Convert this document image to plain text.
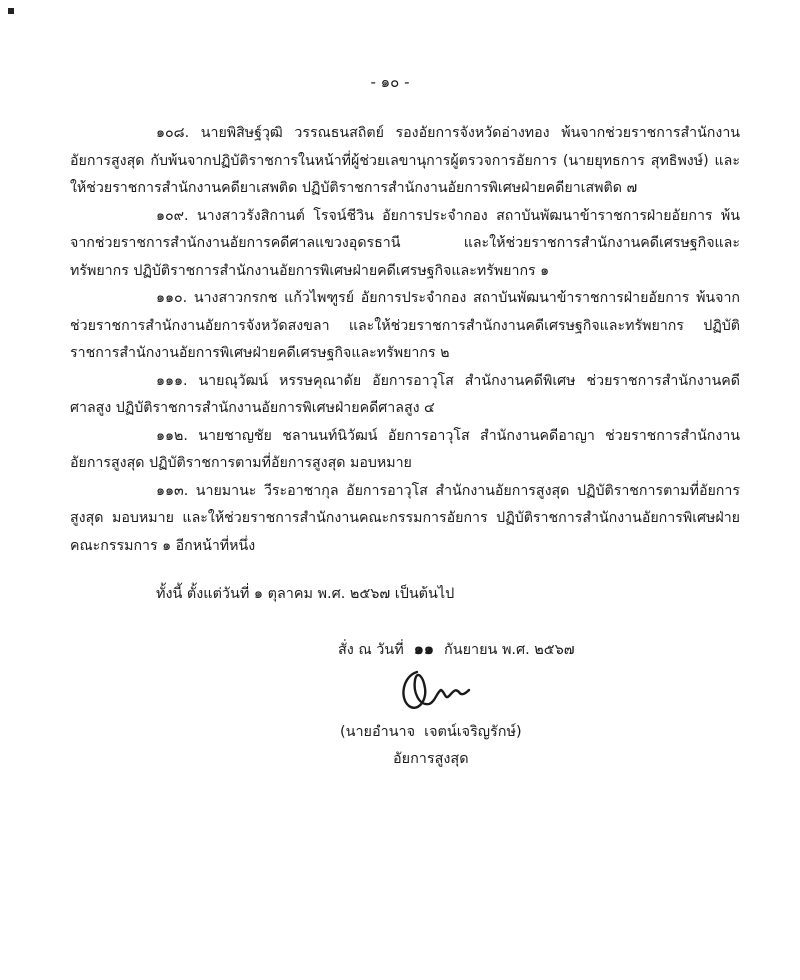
- ๑๐ -

๑๐๘. นายพิสิษฐ์วุฒิ วรรณธนสถิตย์ รองอัยการจังหวัดอ่างทอง พ้นจากช่วยราชการสำนักงานอัยการสูงสุด กับพ้นจากปฏิบัติราชการในหน้าที่ผู้ช่วยเลขานุการผู้ตรวจการอัยการ (นายยุทธการ สุทธิพงษ์) และให้ช่วยราชการสำนักงานคดียาเสพติด ปฏิบัติราชการสำนักงานอัยการพิเศษฝ่ายคดียาเสพติด ๗

๑๐๙. นางสาวรังสิกานต์ โรจน์ชีวิน อัยการประจำกอง สถาบันพัฒนาข้าราชการฝ่ายอัยการ พ้นจากช่วยราชการสำนักงานอัยการคดีศาลแขวงอุดรธานี และให้ช่วยราชการสำนักงานคดีเศรษฐกิจและทรัพยากร ปฏิบัติราชการสำนักงานอัยการพิเศษฝ่ายคดีเศรษฐกิจและทรัพยากร ๑

๑๑๐. นางสาวกรกช แก้วไพฑูรย์ อัยการประจำกอง สถาบันพัฒนาข้าราชการฝ่ายอัยการ พ้นจากช่วยราชการสำนักงานอัยการจังหวัดสงขลา และให้ช่วยราชการสำนักงานคดีเศรษฐกิจและทรัพยากร ปฏิบัติราชการสำนักงานอัยการพิเศษฝ่ายคดีเศรษฐกิจและทรัพยากร ๒

๑๑๑. นายณุวัฒน์ หรรษคุณาดัย อัยการอาวุโส สำนักงานคดีพิเศษ ช่วยราชการสำนักงานคดีศาลสูง ปฏิบัติราชการสำนักงานอัยการพิเศษฝ่ายคดีศาลสูง ๔

๑๑๒. นายชาญชัย ชลานนท์นิวัฒน์ อัยการอาวุโส สำนักงานคดีอาญา ช่วยราชการสำนักงานอัยการสูงสุด ปฏิบัติราชการตามที่อัยการสูงสุด มอบหมาย

๑๑๓. นายมานะ วีระอาชากุล อัยการอาวุโส สำนักงานอัยการสูงสุด ปฏิบัติราชการตามที่อัยการสูงสุด มอบหมาย และให้ช่วยราชการสำนักงานคณะกรรมการอัยการ ปฏิบัติราชการสำนักงานอัยการพิเศษฝ่ายคณะกรรมการ ๑ อีกหน้าที่หนึ่ง

ทั้งนี้ ตั้งแต่วันที่ ๑ ตุลาคม พ.ศ. ๒๕๖๗ เป็นต้นไป
สั่ง ณ วันที่ ๑๑ กันยายน พ.ศ. ๒๕๖๗
(นายอำนาจ  เจตน์เจริญรักษ์)
อัยการสูงสุด
